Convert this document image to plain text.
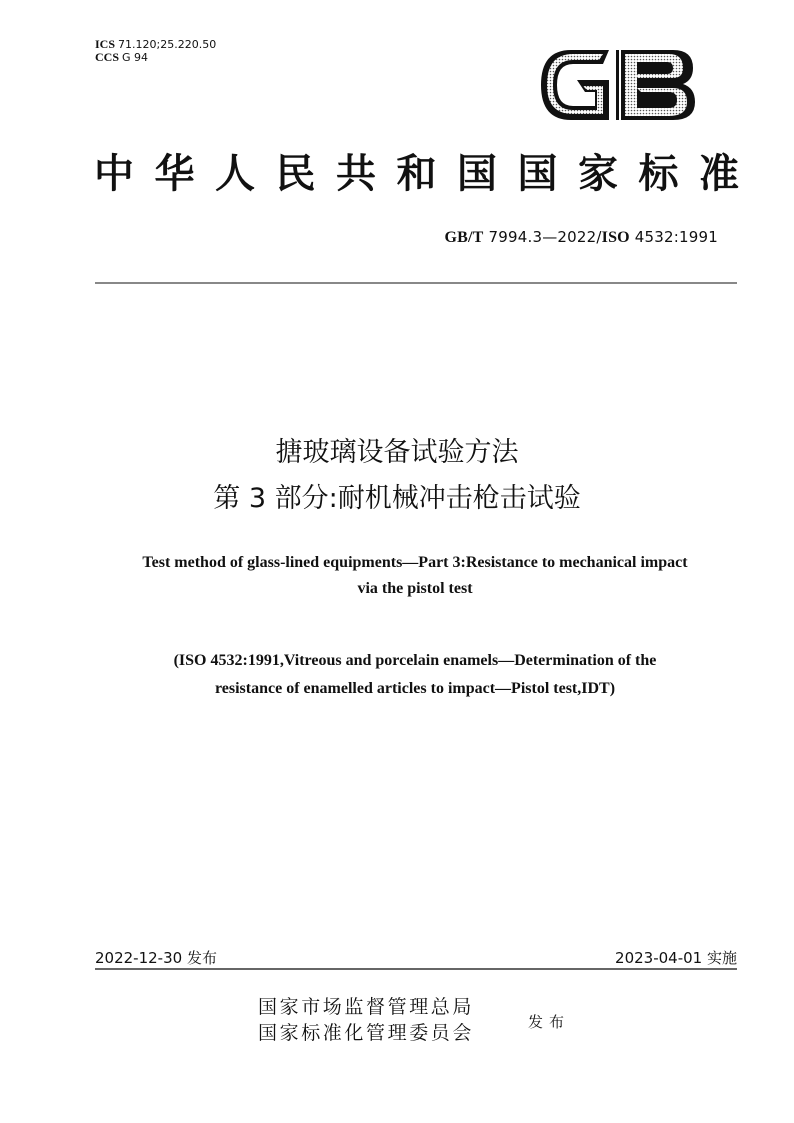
ICS 71.120;25.220.50
CCS G 94
中 华 人 民 共 和 国 国 家 标 准
GB/T 7994.3—2022/ISO 4532:1991
搪玻璃设备试验方法
第 3 部分:耐机械冲击枪击试验
Test method of glass-lined equipments—Part 3:Resistance to mechanical impact
via the pistol test
(ISO 4532:1991,Vitreous and porcelain enamels—Determination of the
resistance of enamelled articles to impact—Pistol test,IDT)
2022-12-30 发布	2023-04-01 实施
国家市场监督管理总局
国家标准化管理委员会	发布
